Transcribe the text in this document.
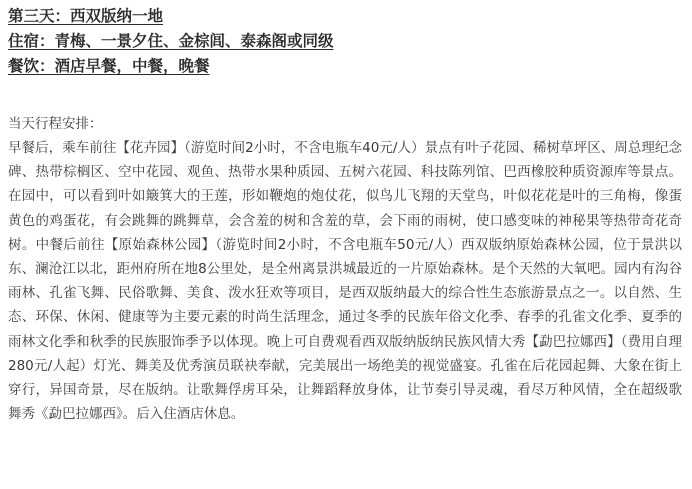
第三天：西双版纳一地
住宿：青梅、一景夕住、金棕闾、泰森阁或同级
餐饮：酒店早餐，中餐，晚餐
当天行程安排：

早餐后，乘车前往【花卉园】（游览时间2小时，不含电瓶车40元/人）景点有叶子花园、稀树草坪区、周总理纪念碑、热带棕榈区、空中花园、观鱼、热带水果种质园、五树六花园、科技陈列馆、巴西橡胶种质资源库等景点。在园中，可以看到叶如簸箕大的王莲，形如鞭炮的炮仗花，似鸟儿飞翔的天堂鸟，叶似花花是叶的三角梅，像蛋黄色的鸡蛋花，有会跳舞的跳舞草，会含羞的树和含羞的草，会下雨的雨树，使口感变味的神秘果等热带奇花奇树。中餐后前往【原始森林公园】（游览时间2小时，不含电瓶车50元/人）西双版纳原始森林公园，位于景洪以东、澜沧江以北，距州府所在地8公里处，是全州离景洪城最近的一片原始森林。是个天然的大氧吧。园内有沟谷雨林、孔雀飞舞、民俗歌舞、美食、泼水狂欢等项目，是西双版纳最大的综合性生态旅游景点之一。以自然、生态、环保、休闲、健康等为主要元素的时尚生活理念，通过冬季的民族年俗文化季、春季的孔雀文化季、夏季的雨林文化季和秋季的民族服饰季予以体现。晚上可自费观看西双版纳版纳民族风情大秀【勐巴拉娜西】（费用自理280元/人起）灯光、舞美及优秀演员联袂奉献，完美展出一场绝美的视觉盛宴。孔雀在后花园起舞、大象在街上穿行，异国奇景，尽在版纳。让歌舞俘虏耳朵，让舞蹈释放身体，让节奏引导灵魂，看尽万种风情，全在超级歌舞秀《勐巴拉娜西》。后入住酒店休息。
